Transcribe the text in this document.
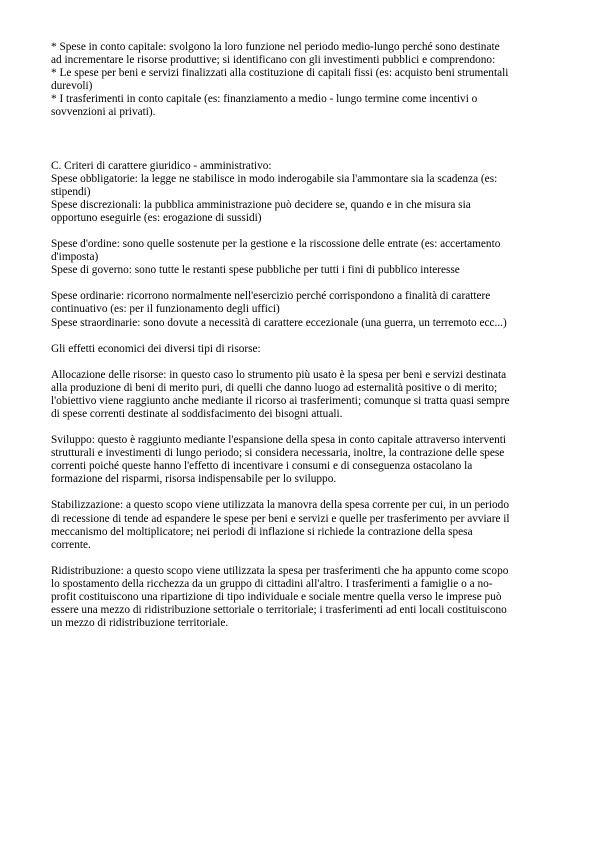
* Spese in conto capitale: svolgono la loro funzione nel periodo medio-lungo perché sono destinate
ad incrementare le risorse produttive; si identificano con gli investimenti pubblici e comprendono:
* Le spese per beni e servizi finalizzati alla costituzione di capitali fissi (es: acquisto beni strumentali
durevoli)
* I trasferimenti in conto capitale (es: finanziamento a medio - lungo termine come incentivi o
sovvenzioni ai privati).
C. Criteri di carattere giuridico - amministrativo:
Spese obbligatorie: la legge ne stabilisce in modo inderogabile sia l'ammontare sia la scadenza (es:
stipendi)
Spese discrezionali: la pubblica amministrazione può decidere se, quando e in che misura sia
opportuno eseguirle (es: erogazione di sussidi)
Spese d'ordine: sono quelle sostenute per la gestione e la riscossione delle entrate (es: accertamento
d'imposta)
Spese di governo: sono tutte le restanti spese pubbliche per tutti i fini di pubblico interesse
Spese ordinarie: ricorrono normalmente nell'esercizio perché corrispondono a finalità di carattere
continuativo (es: per il funzionamento degli uffici)
Spese straordinarie: sono dovute a necessità di carattere eccezionale (una guerra, un terremoto ecc...)
Gli effetti economici dei diversi tipi di risorse:
Allocazione delle risorse: in questo caso lo strumento più usato è la spesa per beni e servizi destinata
alla produzione di beni di merito puri, di quelli che danno luogo ad esternalità positive o di merito;
l'obiettivo viene raggiunto anche mediante il ricorso ai trasferimenti; comunque si tratta quasi sempre
di spese correnti destinate al soddisfacimento dei bisogni attuali.
Sviluppo: questo è raggiunto mediante l'espansione della spesa in conto capitale attraverso interventi
strutturali e investimenti di lungo periodo; si considera necessaria, inoltre, la contrazione delle spese
correnti poiché queste hanno l'effetto di incentivare i consumi e di conseguenza ostacolano la
formazione del risparmi, risorsa indispensabile per lo sviluppo.
Stabilizzazione: a questo scopo viene utilizzata la manovra della spesa corrente per cui, in un periodo
di recessione di tende ad espandere le spese per beni e servizi e quelle per trasferimento per avviare il
meccanismo del moltiplicatore; nei periodi di inflazione si richiede la contrazione della spesa
corrente.
Ridistribuzione: a questo scopo viene utilizzata la spesa per trasferimenti che ha appunto come scopo
lo spostamento della ricchezza da un gruppo di cittadini all'altro. I trasferimenti a famiglie o a no-
profit costituiscono una ripartizione di tipo individuale e sociale mentre quella verso le imprese può
essere una mezzo di ridistribuzione settoriale o territoriale; i trasferimenti ad enti locali costituiscono
un mezzo di ridistribuzione territoriale.
